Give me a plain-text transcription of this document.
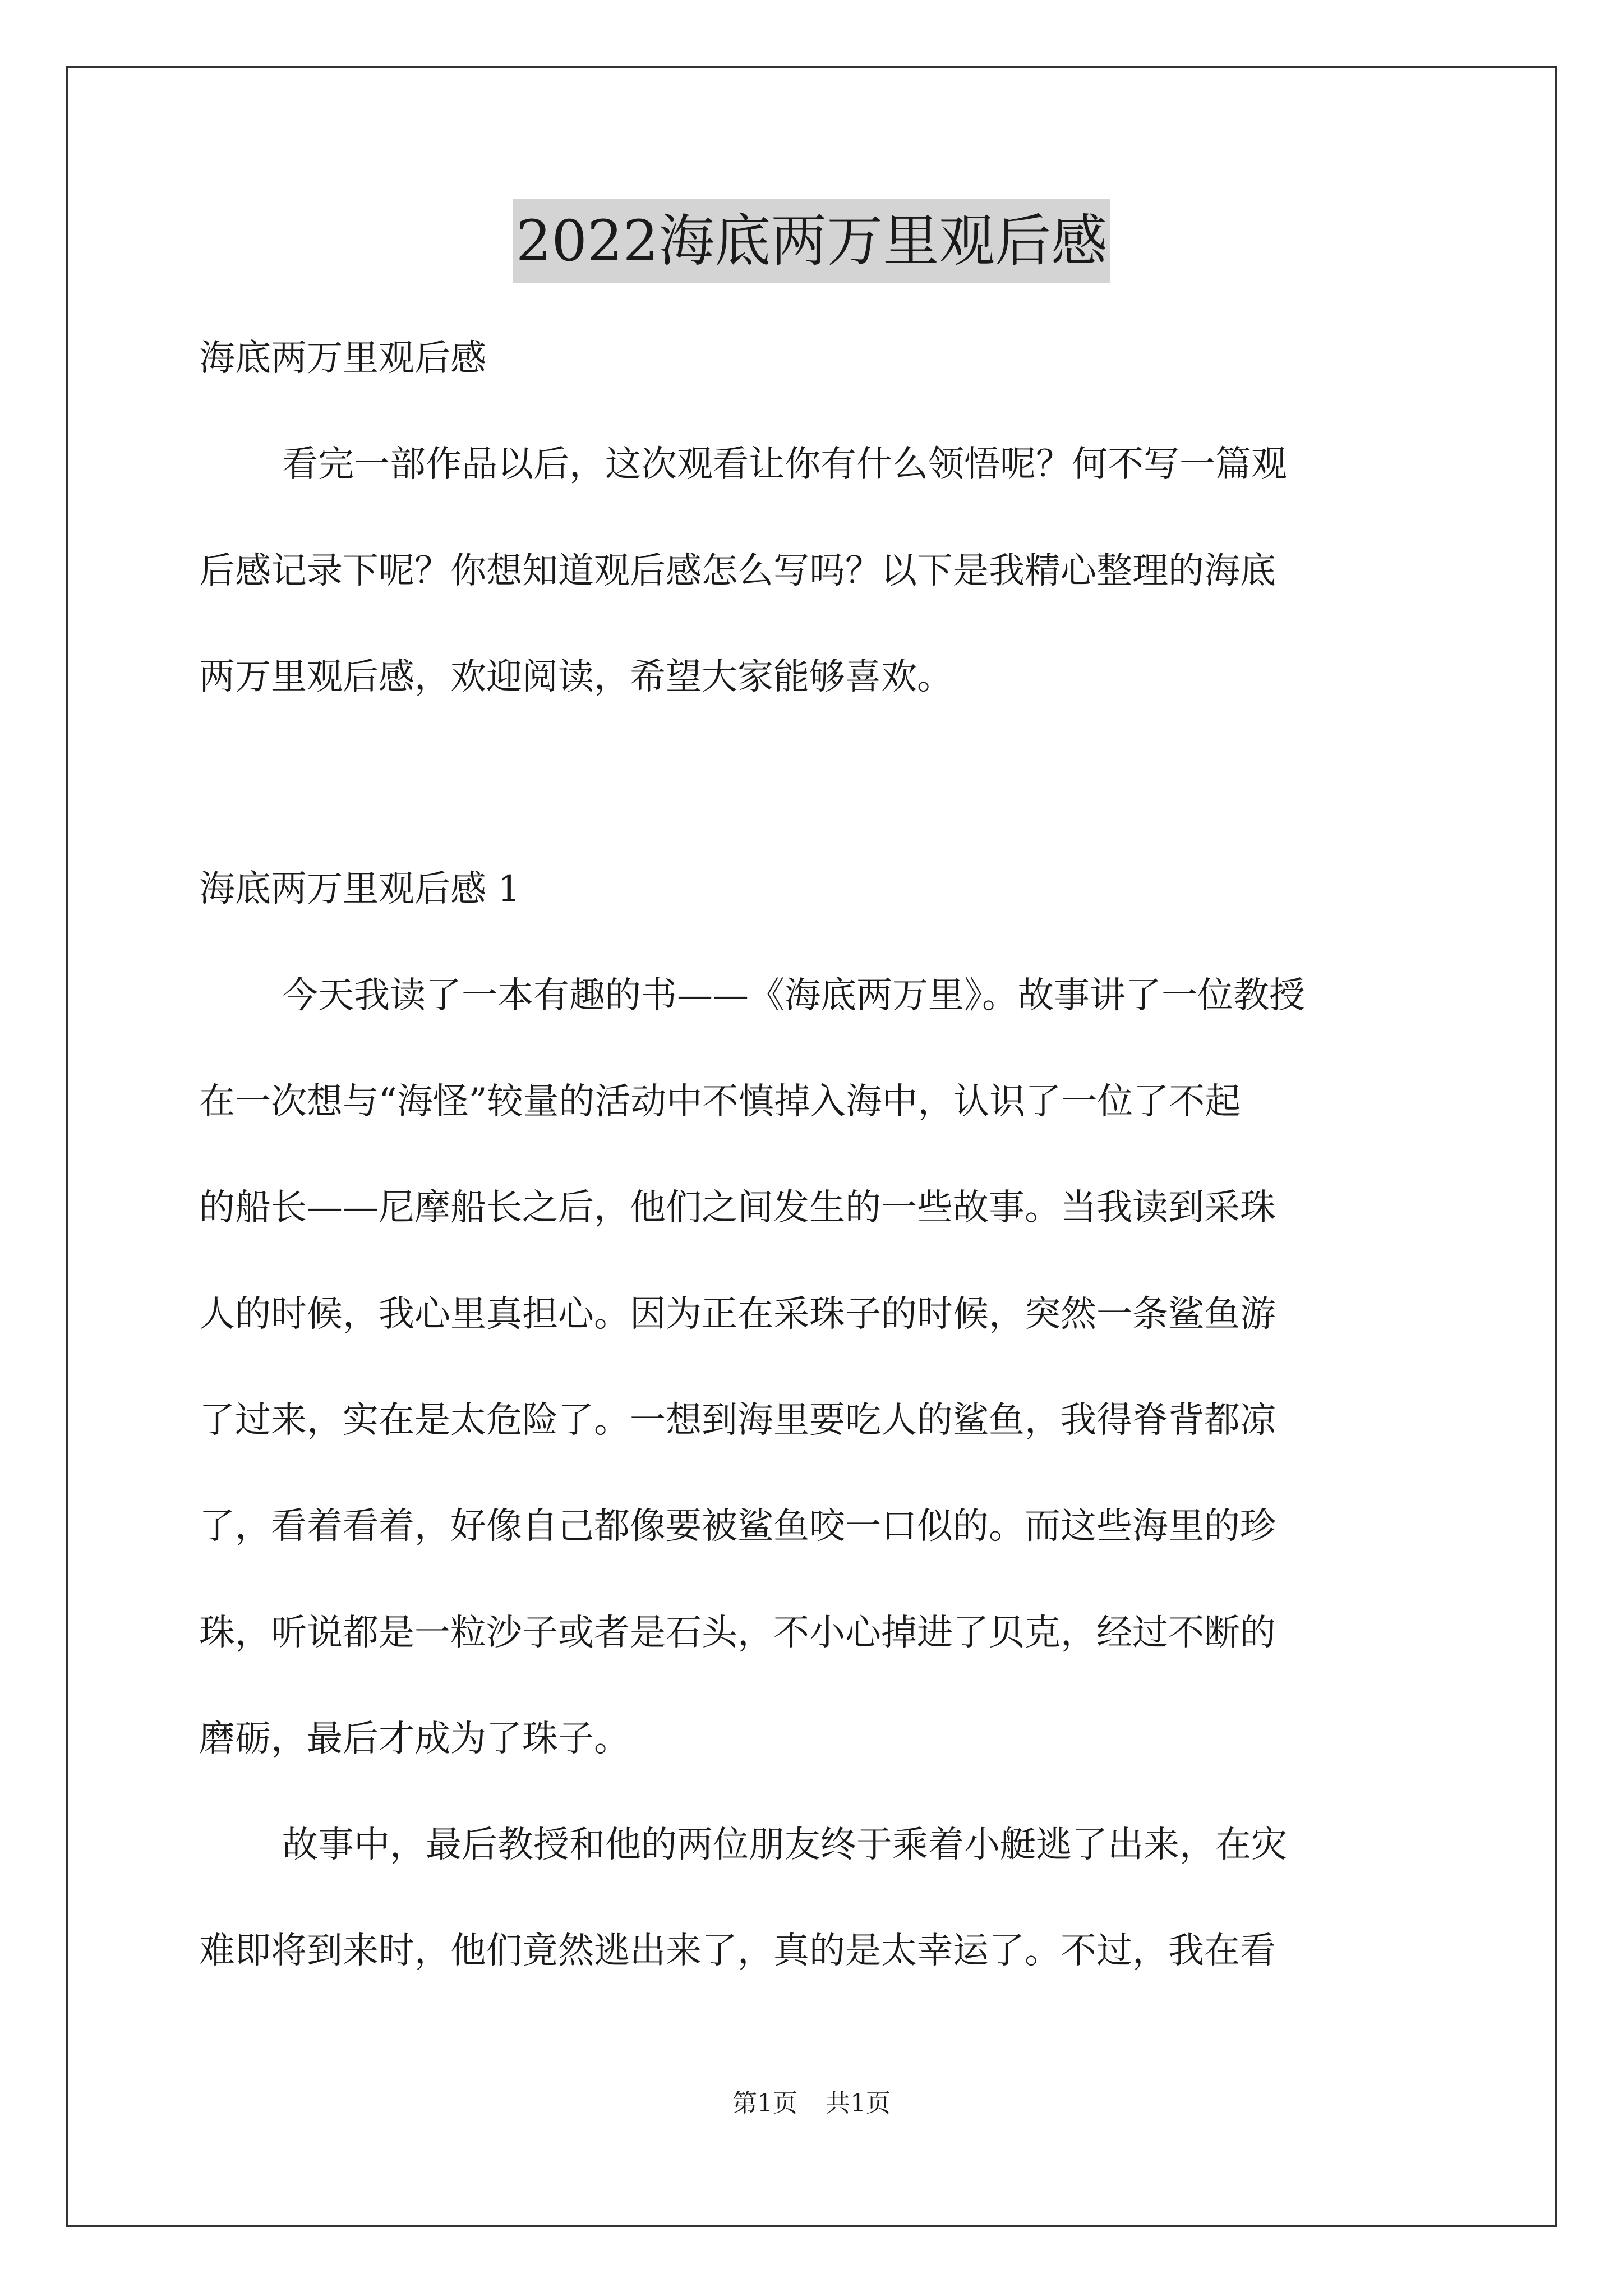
2022海底两万里观后感
海底两万里观后感
看完一部作品以后，这次观看让你有什么领悟呢？何不写一篇观
后感记录下呢？你想知道观后感怎么写吗？以下是我精心整理的海底
两万里观后感，欢迎阅读，希望大家能够喜欢。
海底两万里观后感 1
今天我读了一本有趣的书——《海底两万里》。故事讲了一位教授
在一次想与“海怪”较量的活动中不慎掉入海中，认识了一位了不起
的船长——尼摩船长之后，他们之间发生的一些故事。当我读到采珠
人的时候，我心里真担心。因为正在采珠子的时候，突然一条鲨鱼游
了过来，实在是太危险了。一想到海里要吃人的鲨鱼，我得脊背都凉
了，看着看着，好像自己都像要被鲨鱼咬一口似的。而这些海里的珍
珠，听说都是一粒沙子或者是石头，不小心掉进了贝克，经过不断的
磨砺，最后才成为了珠子。
故事中，最后教授和他的两位朋友终于乘着小艇逃了出来，在灾
难即将到来时，他们竟然逃出来了，真的是太幸运了。不过，我在看
第1页 共1页
